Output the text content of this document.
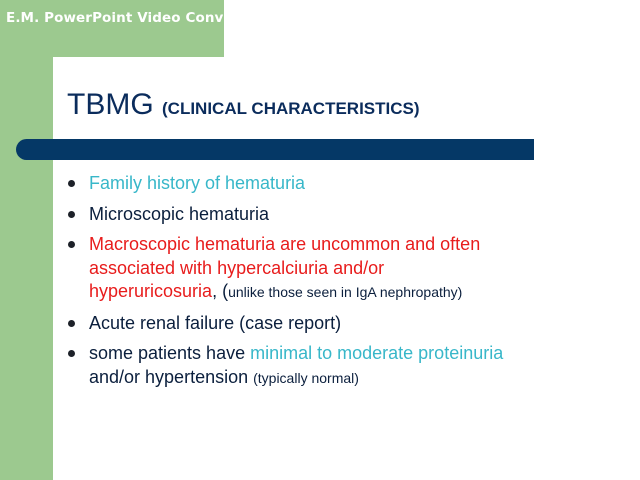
E.M. PowerPoint Video Converter
TBMG (CLINICAL CHARACTERISTICS)
Family history of hematuria
Microscopic hematuria
Macroscopic hematuria are uncommon and often
associated with hypercalciuria and/or
hyperuricosuria, (unlike those seen in IgA nephropathy)
Acute renal failure (case report)
some patients have minimal to moderate proteinuria
and/or hypertension (typically normal)
